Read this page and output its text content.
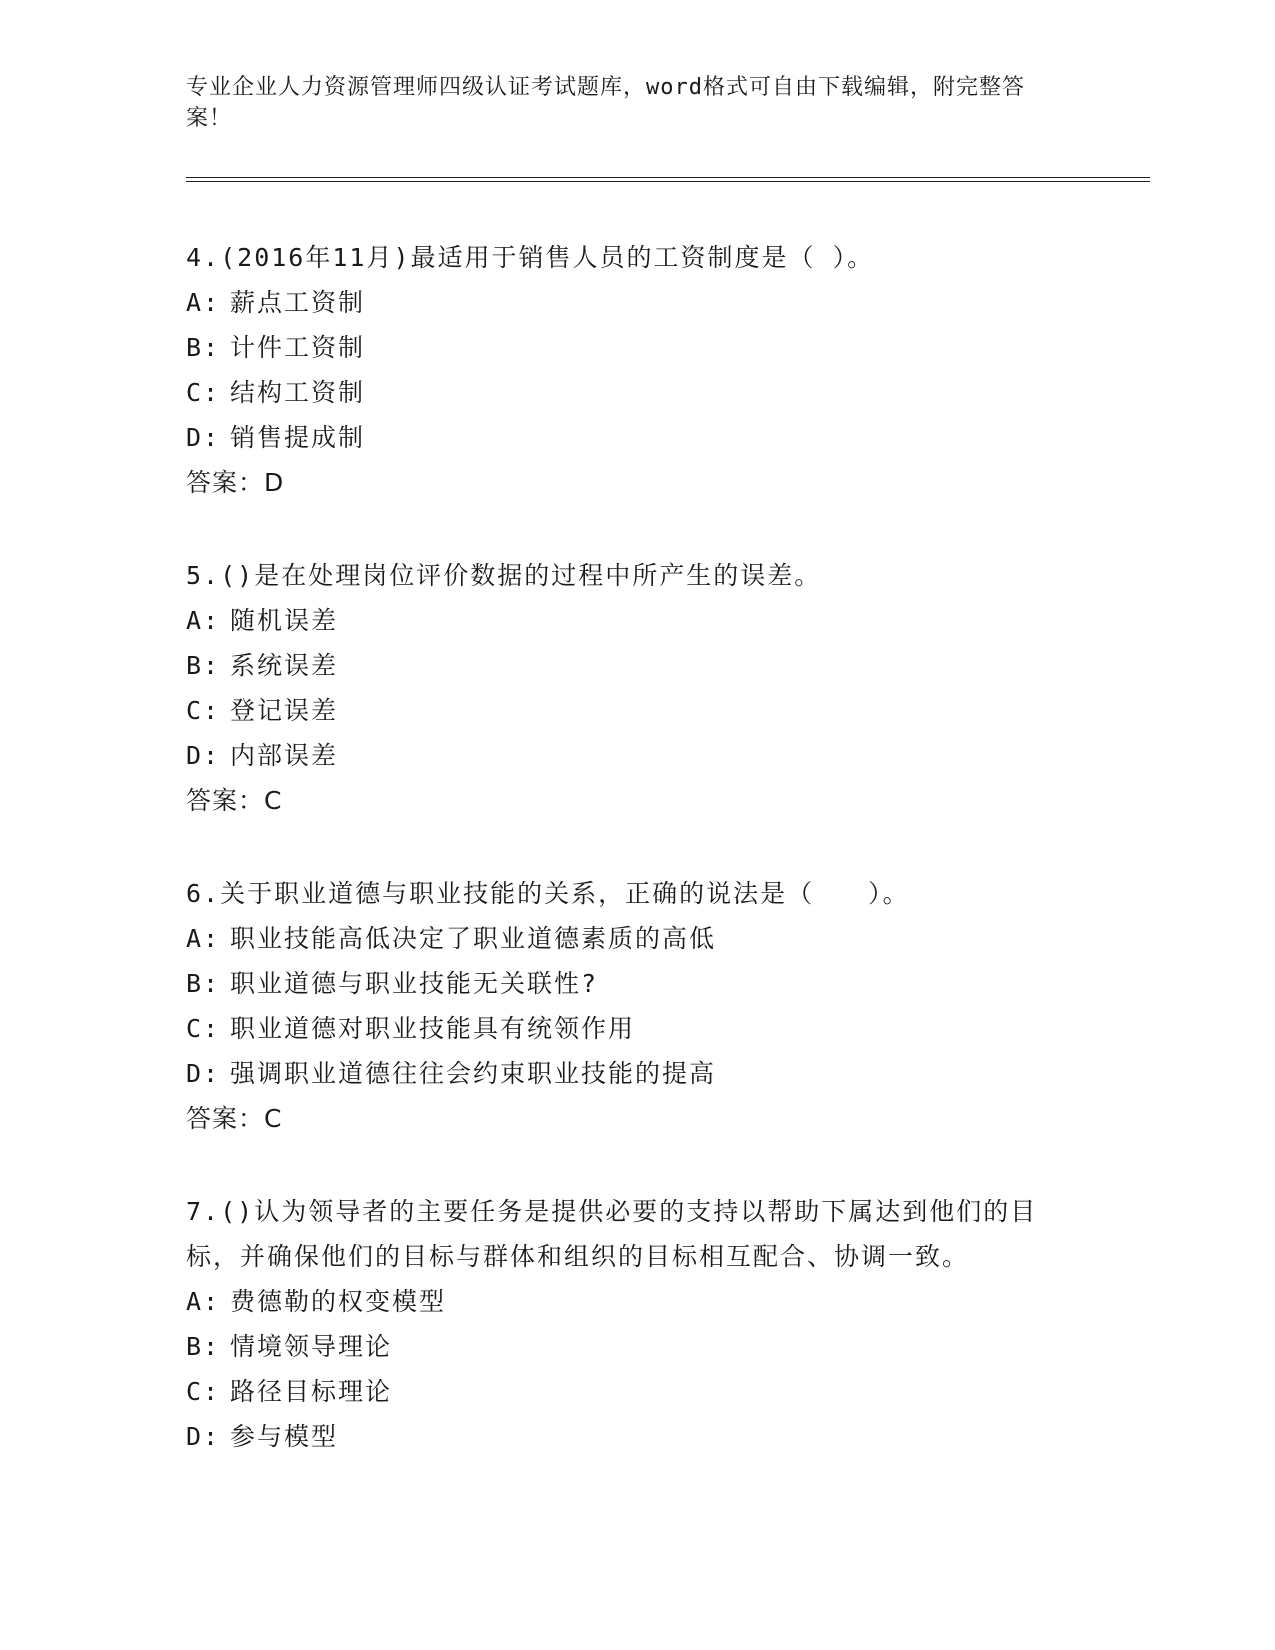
专业企业人力资源管理师四级认证考试题库，word格式可自由下载编辑，附完整答案！

4.(2016年11月)最适用于销售人员的工资制度是（ ）。

A: 薪点工资制

B: 计件工资制

C: 结构工资制

D: 销售提成制

答案：D

5.()是在处理岗位评价数据的过程中所产生的误差。

A: 随机误差

B: 系统误差

C: 登记误差

D: 内部误差

答案：C

6.关于职业道德与职业技能的关系，正确的说法是（　　）。

A: 职业技能高低决定了职业道德素质的高低

B: 职业道德与职业技能无关联性?

C: 职业道德对职业技能具有统领作用

D: 强调职业道德往往会约束职业技能的提高

答案：C

7.()认为领导者的主要任务是提供必要的支持以帮助下属达到他们的目标，并确保他们的目标与群体和组织的目标相互配合、协调一致。

A: 费德勒的权变模型

B: 情境领导理论

C: 路径目标理论

D: 参与模型
